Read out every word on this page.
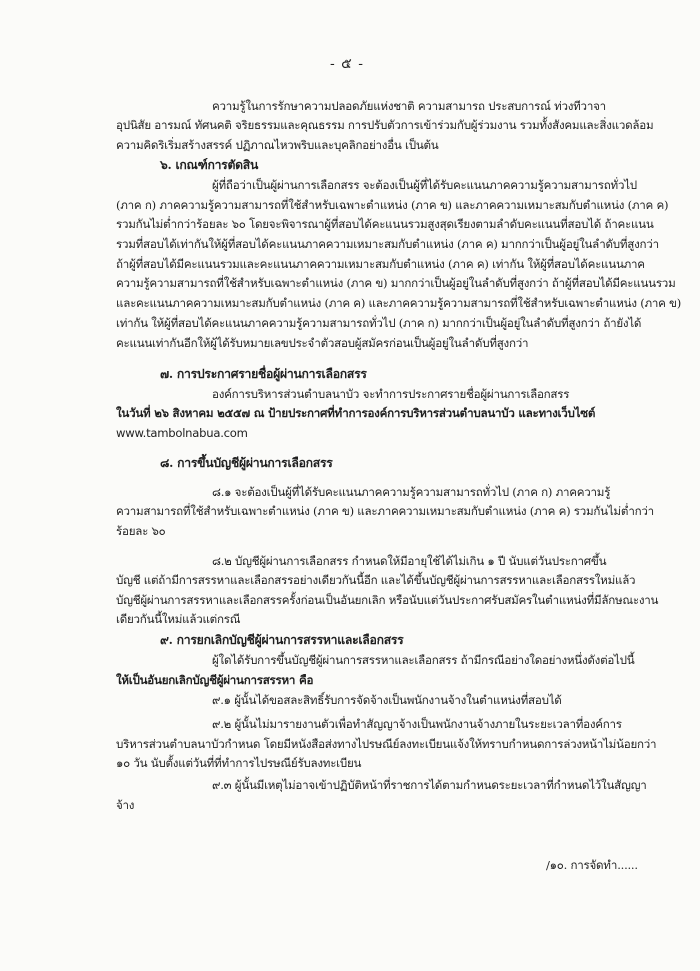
- ๕ -
ความรู้ในการรักษาความปลอดภัยแห่งชาติ ความสามารถ ประสบการณ์ ท่วงทีวาจา
อุปนิสัย อารมณ์ ทัศนคติ จริยธรรมและคุณธรรม การปรับตัวการเข้าร่วมกับผู้ร่วมงาน รวมทั้งสังคมและสิ่งแวดล้อม
ความคิดริเริ่มสร้างสรรค์ ปฏิภาณไหวพริบและบุคลิกอย่างอื่น เป็นต้น
๖. เกณฑ์การตัดสิน
ผู้ที่ถือว่าเป็นผู้ผ่านการเลือกสรร จะต้องเป็นผู้ที่ได้รับคะแนนภาคความรู้ความสามารถทั่วไป
(ภาค ก) ภาคความรู้ความสามารถที่ใช้สำหรับเฉพาะตำแหน่ง (ภาค ข) และภาคความเหมาะสมกับตำแหน่ง (ภาค ค)
รวมกันไม่ต่ำกว่าร้อยละ ๖๐ โดยจะพิจารณาผู้ที่สอบได้คะแนนรวมสูงสุดเรียงตามลำดับคะแนนที่สอบได้ ถ้าคะแนน
รวมที่สอบได้เท่ากันให้ผู้ที่สอบได้คะแนนภาคความเหมาะสมกับตำแหน่ง (ภาค ค) มากกว่าเป็นผู้อยู่ในลำดับที่สูงกว่า
ถ้าผู้ที่สอบได้มีคะแนนรวมและคะแนนภาคความเหมาะสมกับตำแหน่ง (ภาค ค) เท่ากัน ให้ผู้ที่สอบได้คะแนนภาค
ความรู้ความสามารถที่ใช้สำหรับเฉพาะตำแหน่ง (ภาค ข) มากกว่าเป็นผู้อยู่ในลำดับที่สูงกว่า ถ้าผู้ที่สอบได้มีคะแนนรวม
และคะแนนภาคความเหมาะสมกับตำแหน่ง (ภาค ค) และภาคความรู้ความสามารถที่ใช้สำหรับเฉพาะตำแหน่ง (ภาค ข)
เท่ากัน ให้ผู้ที่สอบได้คะแนนภาคความรู้ความสามารถทั่วไป (ภาค ก) มากกว่าเป็นผู้อยู่ในลำดับที่สูงกว่า ถ้ายังได้
คะแนนเท่ากันอีกให้ผู้ได้รับหมายเลขประจำตัวสอบผู้สมัครก่อนเป็นผู้อยู่ในลำดับที่สูงกว่า
๗. การประกาศรายชื่อผู้ผ่านการเลือกสรร
องค์การบริหารส่วนตำบลนาบัว จะทำการประกาศรายชื่อผู้ผ่านการเลือกสรร
ในวันที่ ๒๖ สิงหาคม ๒๕๕๗ ณ ป้ายประกาศที่ทำการองค์การบริหารส่วนตำบลนาบัว และทางเว็บไซต์
www.tambolnabua.com
๘. การขึ้นบัญชีผู้ผ่านการเลือกสรร
๘.๑ จะต้องเป็นผู้ที่ได้รับคะแนนภาคความรู้ความสามารถทั่วไป (ภาค ก) ภาคความรู้
ความสามารถที่ใช้สำหรับเฉพาะตำแหน่ง (ภาค ข) และภาคความเหมาะสมกับตำแหน่ง (ภาค ค) รวมกันไม่ต่ำกว่า
ร้อยละ ๖๐
๘.๒ บัญชีผู้ผ่านการเลือกสรร กำหนดให้มีอายุใช้ได้ไม่เกิน ๑ ปี นับแต่วันประกาศขึ้น
บัญชี แต่ถ้ามีการสรรหาและเลือกสรรอย่างเดียวกันนี้อีก และได้ขึ้นบัญชีผู้ผ่านการสรรหาและเลือกสรรใหม่แล้ว
บัญชีผู้ผ่านการสรรหาและเลือกสรรครั้งก่อนเป็นอันยกเลิก หรือนับแต่วันประกาศรับสมัครในตำแหน่งที่มีลักษณะงาน
เดียวกันนี้ใหม่แล้วแต่กรณี
๙. การยกเลิกบัญชีผู้ผ่านการสรรหาและเลือกสรร
ผู้ใดได้รับการขึ้นบัญชีผู้ผ่านการสรรหาและเลือกสรร ถ้ามีกรณีอย่างใดอย่างหนึ่งดังต่อไปนี้
ให้เป็นอันยกเลิกบัญชีผู้ผ่านการสรรหา คือ
๙.๑ ผู้นั้นได้ขอสละสิทธิ์รับการจัดจ้างเป็นพนักงานจ้างในตำแหน่งที่สอบได้
๙.๒ ผู้นั้นไม่มารายงานตัวเพื่อทำสัญญาจ้างเป็นพนักงานจ้างภายในระยะเวลาที่องค์การ
บริหารส่วนตำบลนาบัวกำหนด โดยมีหนังสือส่งทางไปรษณีย์ลงทะเบียนแจ้งให้ทราบกำหนดการล่วงหน้าไม่น้อยกว่า
๑๐ วัน นับตั้งแต่วันที่ที่ทำการไปรษณีย์รับลงทะเบียน
๙.๓ ผู้นั้นมีเหตุไม่อาจเข้าปฏิบัติหน้าที่ราชการได้ตามกำหนดระยะเวลาที่กำหนดไว้ในสัญญา
จ้าง
/๑๐. การจัดทำ......
